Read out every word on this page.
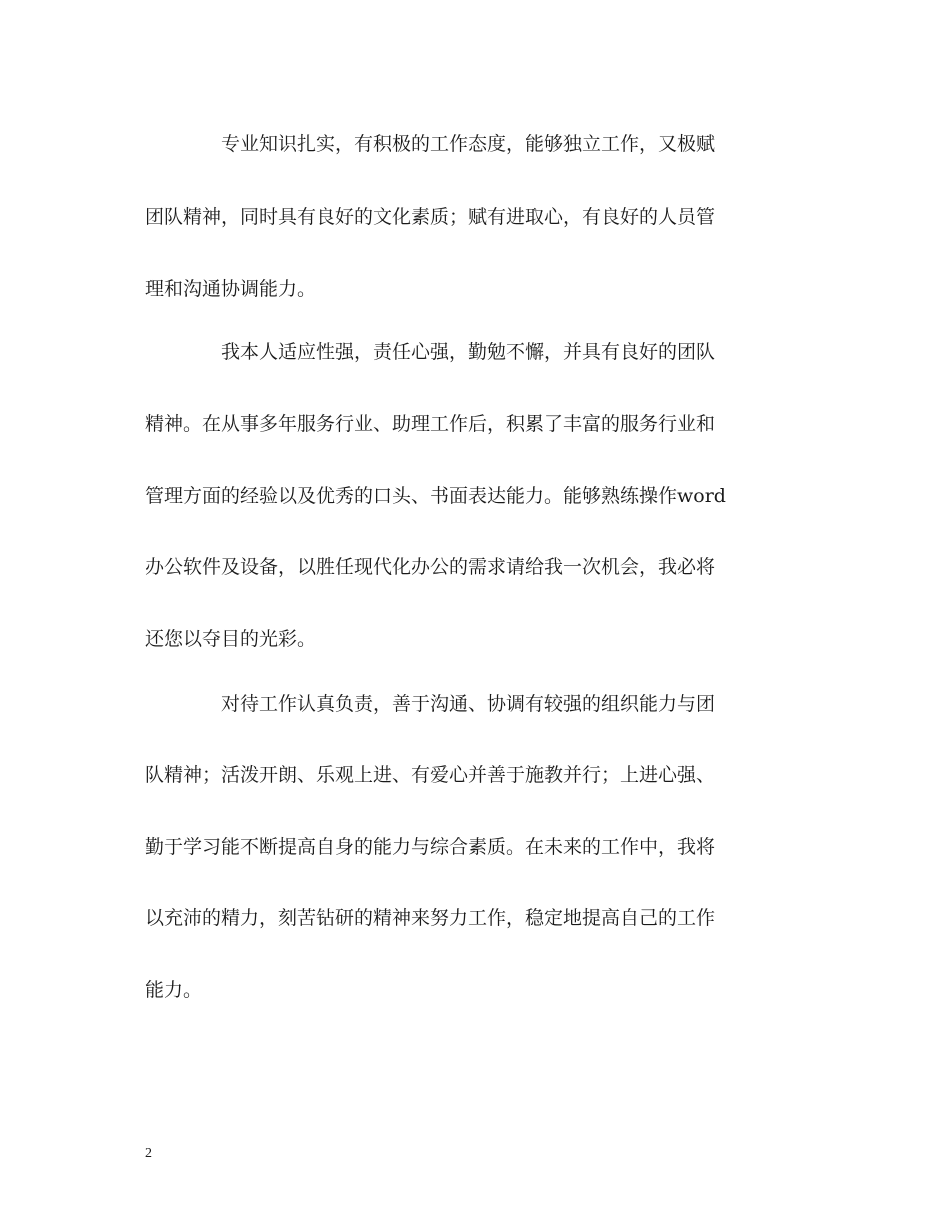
专业知识扎实，有积极的工作态度，能够独立工作，又极赋
团队精神，同时具有良好的文化素质；赋有进取心，有良好的人员管
理和沟通协调能力。
我本人适应性强，责任心强，勤勉不懈，并具有良好的团队
精神。在从事多年服务行业、助理工作后，积累了丰富的服务行业和
管理方面的经验以及优秀的口头、书面表达能力。能够熟练操作word
办公软件及设备，以胜任现代化办公的需求请给我一次机会，我必将
还您以夺目的光彩。
对待工作认真负责，善于沟通、协调有较强的组织能力与团
队精神；活泼开朗、乐观上进、有爱心并善于施教并行；上进心强、
勤于学习能不断提高自身的能力与综合素质。在未来的工作中，我将
以充沛的精力，刻苦钻研的精神来努力工作，稳定地提高自己的工作
能力。
2
